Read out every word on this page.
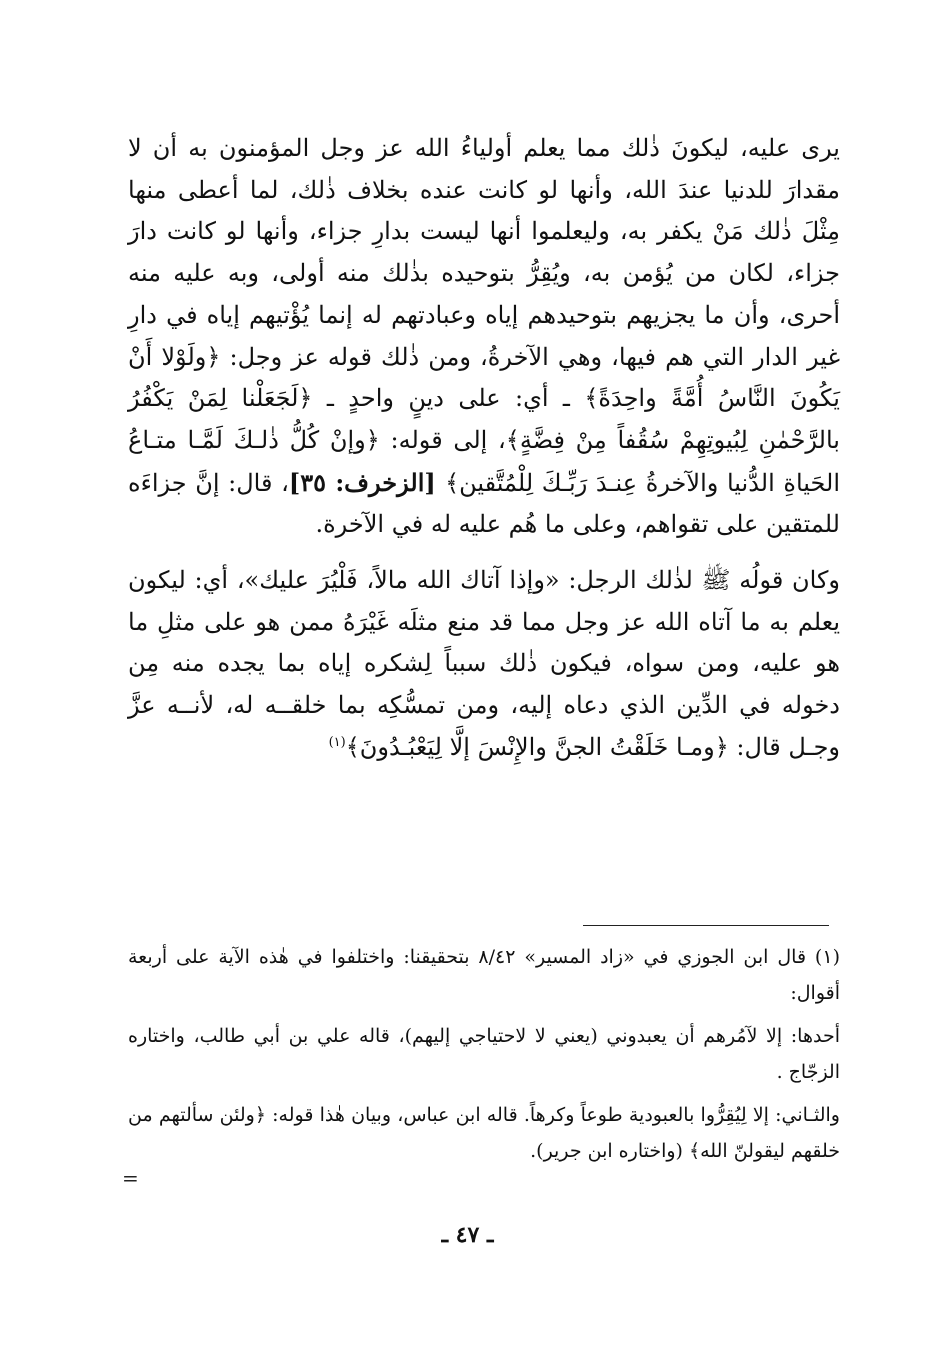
يرى عليه، ليكونَ ذٰلك مما يعلم أولياءُ الله عز وجل المؤمنون به أن لا مقدارَ للدنيا عندَ الله، وأنها لو كانت عنده بخلاف ذٰلك، لما أعطى منها مِثْلَ ذٰلك مَنْ يكفر به، وليعلموا أنها ليست بدارِ جزاء، وأنها لو كانت دارَ جزاء، لكان من يُؤمن به، ويُقِرُّ بتوحيده بذٰلك منه أولى، وبه عليه منه أحرى، وأن ما يجزيهم بتوحيدهم إياه وعبادتهم له إنما يُؤْتيهم إياه في دارِ غير الدار التي هم فيها، وهي الآخرةُ، ومن ذٰلك قوله عز وجل: ﴿ولَوْلا أَنْ يَكُونَ النَّاسُ أُمَّةً واحِدَةً﴾ ـ أي: على دينٍ واحدٍ ـ ﴿لَجَعَلْنا لِمَنْ يَكْفُرُ بالرَّحْمٰنِ لِبُيوتِهِمْ سُقُفاً مِنْ فِضَّةٍ﴾، إلى قوله: ﴿وإنْ كُلُّ ذٰلـكَ لَمَّـا متـاعُ الحَياةِ الدُّنيا والآخرةُ عِنـدَ رَبِّـكَ لِلْمُتَّقين﴾ [الزخرف: ٣٥]، قال: إنَّ جزاءَه للمتقين على تقواهم، وعلى ما هُم عليه له في الآخرة.

وكان قولُه ﷺ لذٰلك الرجل: «وإذا آتاك الله مالاً، فَلْيُرَ عليك»، أي: ليكون يعلم به ما آتاه الله عز وجل مما قد منع مثلَه غَيْرَهُ ممن هو على مثلِ ما هو عليه، ومن سواه، فيكون ذٰلك سبباً لِشكره إياه بما يجده منه مِن دخوله في الدِّين الذي دعاه إليه، ومن تمسُّكِه بما خلقــه له، لأنــه عزَّ وجـل قال: ﴿ومـا خَلَقْتُ الجنَّ والإِنْسَ إلَّا لِيَعْبُـدُونَ﴾$^{(١)}$

(١) قال ابن الجوزي في «زاد المسير» ٨/٤٢ بتحقيقنا: واختلفوا في هٰذه الآية على أربعة أقوال:

أحدها: إلا لآمُرهم أن يعبدوني (يعني لا لاحتياجي إليهم)، قاله علي بن أبي طالب، واختاره الزجّاج .

والثـاني: إلا لِيُقِرُّوا بالعبودية طوعاً وكرهاً. قاله ابن عباس، وبيان هٰذا قوله: ﴿ولئن سألتهم من خلقهم ليقولنّ الله﴾ (واختاره ابن جرير).

=
ـ ٤٧ ـ
